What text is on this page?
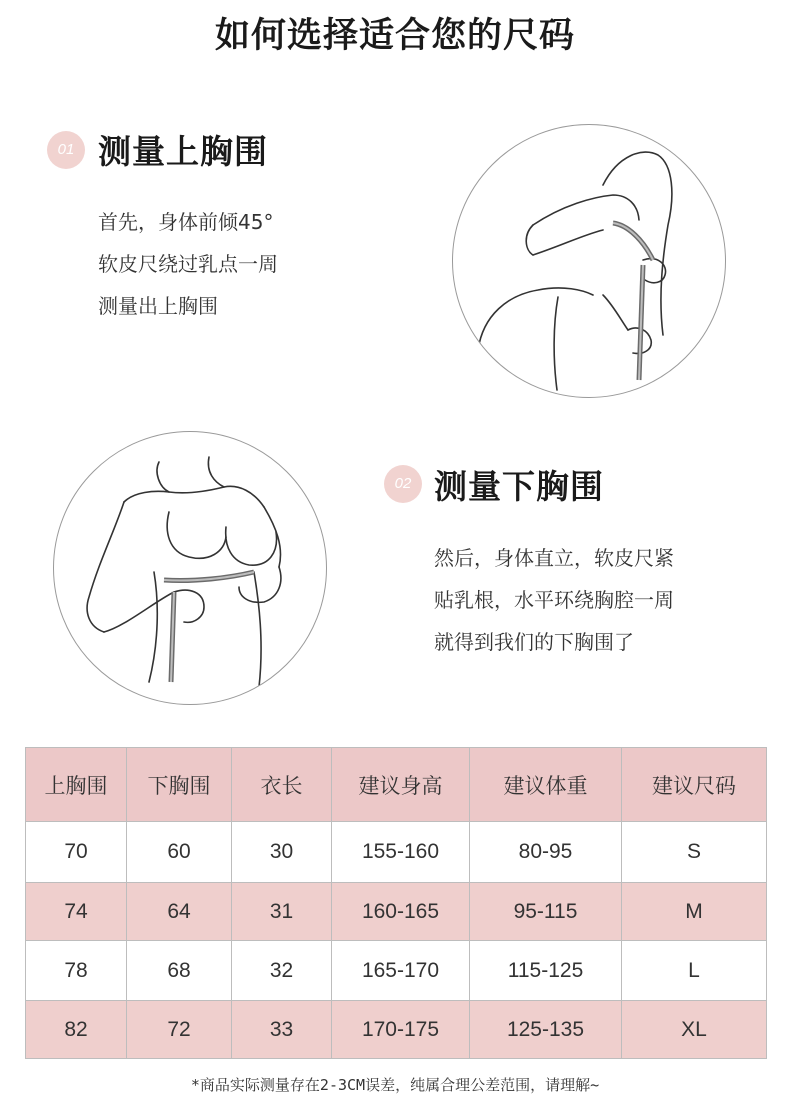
如何选择适合您的尺码
01 测量上胸围
首先，身体前倾45°
软皮尺绕过乳点一周
测量出上胸围
02 测量下胸围
然后，身体直立，软皮尺紧
贴乳根，水平环绕胸腔一周
就得到我们的下胸围了
上胸围	下胸围	衣长	建议身高	建议体重	建议尺码
70	60	30	155-160	80-95	S
74	64	31	160-165	95-115	M
78	68	32	165-170	115-125	L
82	72	33	170-175	125-135	XL
*商品实际测量存在2-3CM误差，纯属合理公差范围，请理解~
